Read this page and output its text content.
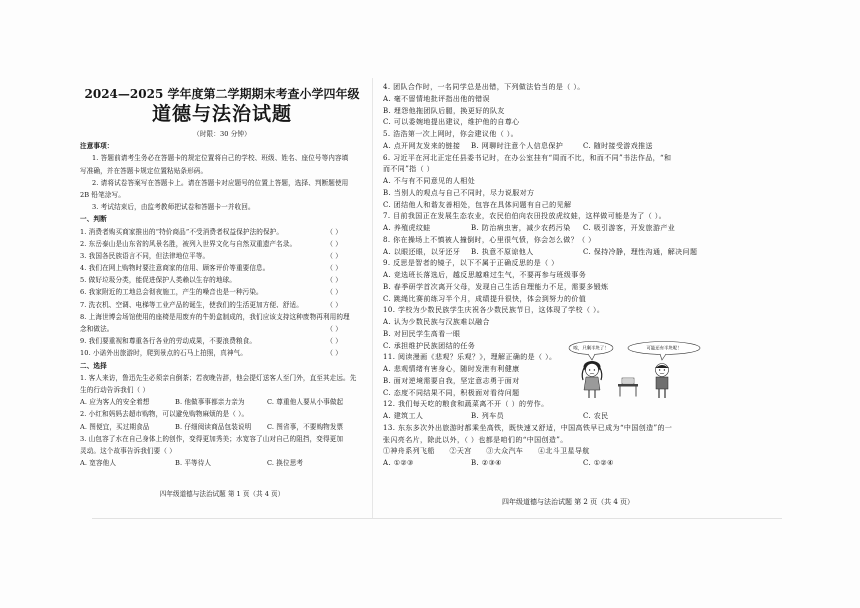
2024—2025 学年度第二学期期末考查小学四年级
道德与法治试题
（时限：30 分钟）
注意事项：
1. 答题前请考生务必在答题卡的规定位置将自己的学校、班级、姓名、座位号等内容填
写准确，并在答题卡规定位置粘贴条形码。
2. 请将试卷答案写在答题卡上。请在答题卡对应题号的位置上答题，选择、判断题使用
2B 铅笔涂写。
3. 考试结束后，由监考教师把试卷和答题卡一并收回。
一、判断
1. 消费者购买商家推出的“特价商品”不受消费者权益保护法的保护。	（ ）
2. 东岳泰山是山东省的风景名胜，被列入世界文化与自然双重遗产名录。	（ ）
3. 我国各民族语言不同，但法律地位平等。	（ ）
4. 我们在网上购物时要注意商家的信用、顾客评价等重要信息。	（ ）
5. 做好垃圾分类，能促进保护人类赖以生存的地球。	（ ）
6. 我家附近的工地总会彻夜施工，产生的噪音也是一种污染。	（ ）
7. 洗衣机、空调、电梯等工业产品的诞生，使我们的生活更加方便、舒适。	（ ）
8. 上海世博会场馆使用的座椅是用废弃的牛奶盒制成的，我们应该支持这种废物再利用的理
念和做法。	（ ）
9. 我们要重视和尊重各行各业的劳动成果，不要浪费粮食。	（ ）
10. 小诺外出旅游时，爬到景点的石马上拍照，真神气。	（ ）
二、选择
1. 客人来访，鲁迅先生必须亲自倒茶；若夜晚告辞，他会提灯送客人至门外，直至其走远。先
生的行动告诉我们（ ）
A. 应为客人的安全着想	B. 他做事事都亲力亲为	C. 尊重他人要从小事做起
2. 小红和妈妈去超市购物，可以避免购物麻烦的是（ ）。
A. 图便宜，买过期食品	B. 仔细阅读商品包装说明	C. 图省事，不要购物发票
3. 山包容了水在自己身体上的创作，变得更加秀美；水宽容了山对自己的阻挡，变得更加
灵动。这个故事告诉我们要（ ）
A. 宽容他人	B. 平等待人	C. 换位思考
四年级道德与法治试题 第 1 页（共 4 页）
4. 团队合作时，一名同学总是出错，下列做法恰当的是（ ）。
A. 毫不留情地批评指出他的错误
B. 埋怨他拖团队后腿，换更好的队友
C. 可以委婉地提出建议，维护他的自尊心
5. 浩浩第一次上网时，你会建议他（ ）。
A. 点开网友发来的链接	B. 网聊时注意个人信息保护	C. 随时接受游戏推送
6. 习近平在河北正定任县委书记时，在办公室挂有“周而不比，和而不同”书法作品，“和
而不同”指（ ）
A. 不与有不同意见的人相处
B. 当别人的观点与自己不同时，尽力说服对方
C. 团结他人和谐友善相处，包容在具体问题有自己的见解
7. 目前我国正在发展生态农业，农民伯伯向农田投放虎纹蛙，这样做可能是为了（ ）。
A. 养殖虎纹蛙	B. 防治病虫害，减少农药污染	C. 吸引游客，开发旅游产业
8. 你在操场上不慎被人撞倒时，心里很气愤，你会怎么做？（ ）
A. 以眼还眼，以牙还牙	B. 执意不原谅他人	C. 保持冷静，理性沟通，解决问题
9. 反思是智者的镜子，以下不属于正确反思的是（ ）
A. 竞选班长落选后，越反思越难过生气，不要再参与班级事务
B. 春季研学首次离开父母，发现自己生活自理能力不足，需要多锻炼
C. 跳绳比赛前练习半个月，成绩提升很快，体会到努力的价值
10. 学校为少数民族学生庆祝各少数民族节日，这体现了学校（ ）。
A. 认为少数民族与汉族难以融合
B. 对回民学生高看一眼
C. 承担维护民族团结的任务
11. 阅读漫画《悲观？乐观？》，理解正确的是（ ）。
A. 悲观情绪有害身心，随时发泄有利健康
B. 面对逆境需要自我，坚定意志勇于面对
C. 态度不同结果不同，积极面对看待问题
12. 我们每天吃的粮食和蔬菜离不开（ ）的劳作。
A. 建筑工人	B. 列车员	C. 农民
13. 东东多次外出旅游时都乘坐高铁，既快速又舒适，中国高铁早已成为“中国创造”的一
张闪亮名片，除此以外，（ ）也都是咱们的“中国创造”。
①神舟系列飞船 ②天宫 ③大众汽车 ④北斗卫星导航
A. ①②③	B. ②③④	C. ①②④
唉，只剩半块了！	可能还有半块呢！
四年级道德与法治试题 第 2 页（共 4 页）
